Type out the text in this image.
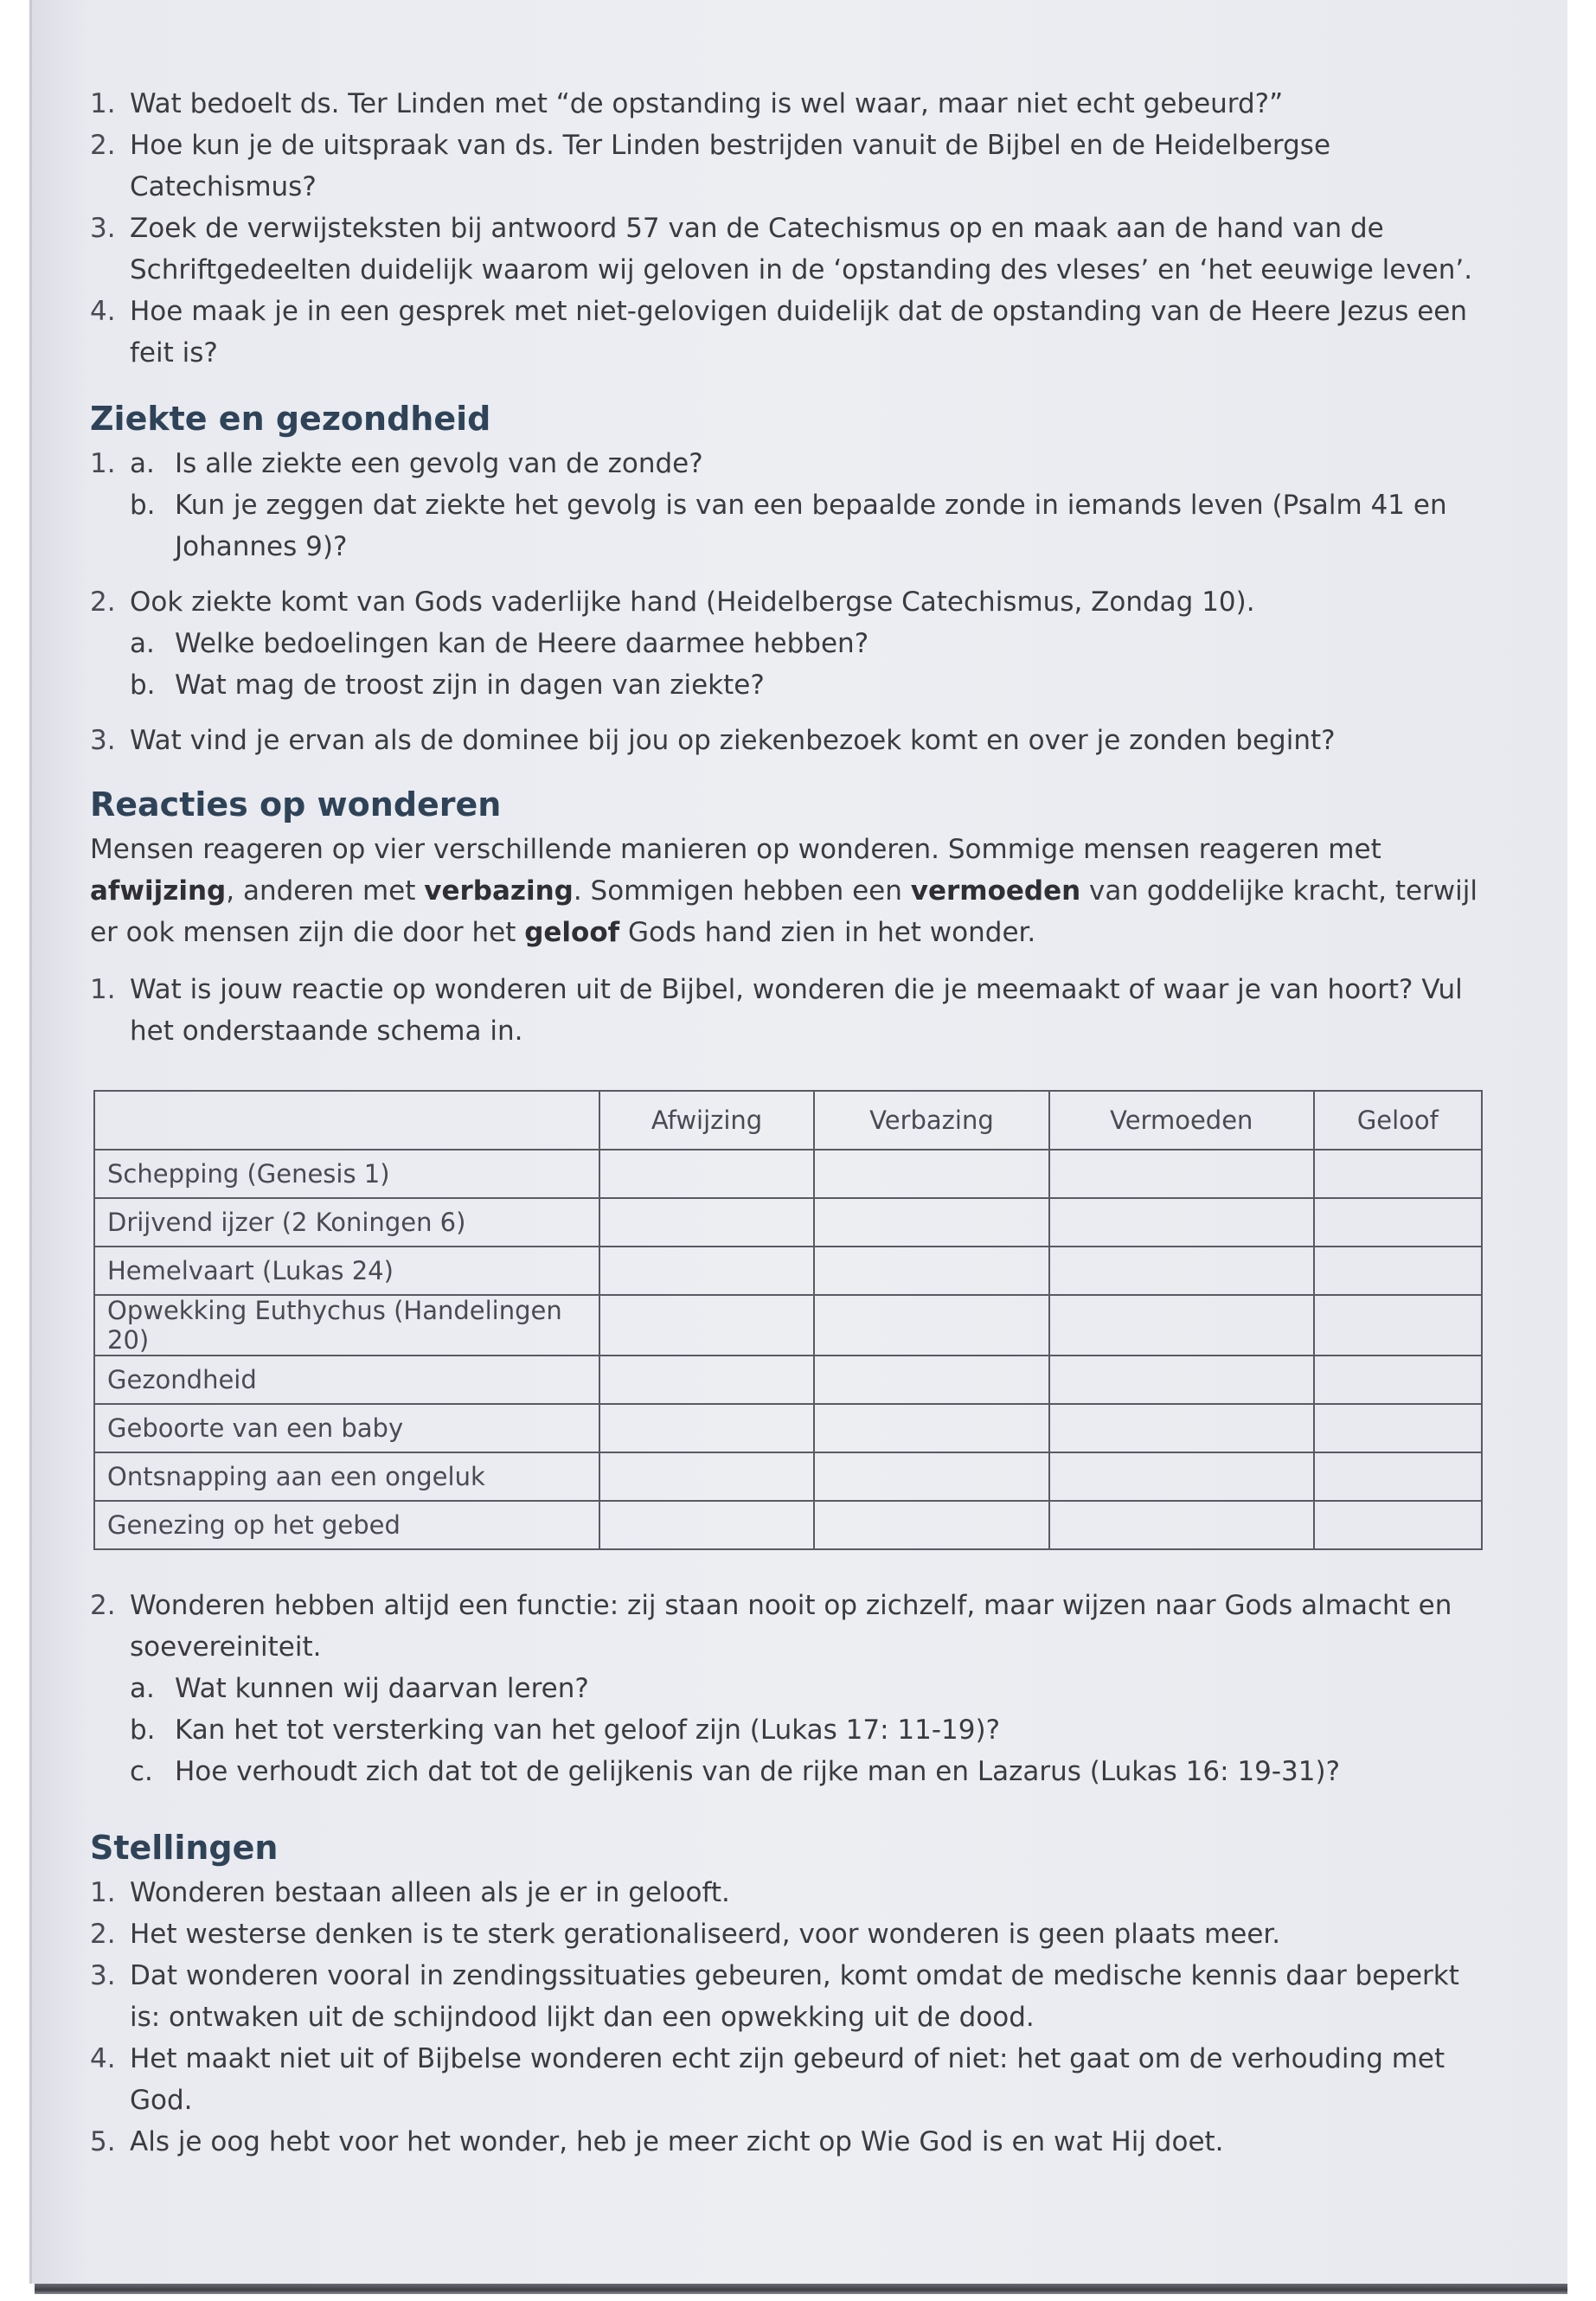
1. Wat bedoelt ds. Ter Linden met “de opstanding is wel waar, maar niet echt gebeurd?”
2. Hoe kun je de uitspraak van ds. Ter Linden bestrijden vanuit de Bijbel en de Heidelbergse Catechismus?
3. Zoek de verwijsteksten bij antwoord 57 van de Catechismus op en maak aan de hand van de Schriftgedeelten duidelijk waarom wij geloven in de ‘opstanding des vleses’ en ‘het eeuwige leven’.
4. Hoe maak je in een gesprek met niet-gelovigen duidelijk dat de opstanding van de Heere Jezus een feit is?
Ziekte en gezondheid
1. a. Is alle ziekte een gevolg van de zonde?
b. Kun je zeggen dat ziekte het gevolg is van een bepaalde zonde in iemands leven (Psalm 41 en Johannes 9)?
2. Ook ziekte komt van Gods vaderlijke hand (Heidelbergse Catechismus, Zondag 10).
a. Welke bedoelingen kan de Heere daarmee hebben?
b. Wat mag de troost zijn in dagen van ziekte?
3. Wat vind je ervan als de dominee bij jou op ziekenbezoek komt en over je zonden begint?
Reacties op wonderen

Mensen reageren op vier verschillende manieren op wonderen. Sommige mensen reageren met afwijzing, anderen met verbazing. Sommigen hebben een vermoeden van goddelijke kracht, terwijl er ook mensen zijn die door het geloof Gods hand zien in het wonder.

1. Wat is jouw reactie op wonderen uit de Bijbel, wonderen die je meemaakt of waar je van hoort? Vul het onderstaande schema in.
	Afwijzing	Verbazing	Vermoeden	Geloof
Schepping (Genesis 1)				
Drijvend ijzer (2 Koningen 6)				
Hemelvaart (Lukas 24)				
Opwekking Euthychus (Handelingen 20)				
Gezondheid				
Geboorte van een baby				
Ontsnapping aan een ongeluk				
Genezing op het gebed				
2. Wonderen hebben altijd een functie: zij staan nooit op zichzelf, maar wijzen naar Gods almacht en soevereiniteit.
a. Wat kunnen wij daarvan leren?
b. Kan het tot versterking van het geloof zijn (Lukas 17: 11-19)?
c. Hoe verhoudt zich dat tot de gelijkenis van de rijke man en Lazarus (Lukas 16: 19-31)?
Stellingen
1. Wonderen bestaan alleen als je er in gelooft.
2. Het westerse denken is te sterk gerationaliseerd, voor wonderen is geen plaats meer.
3. Dat wonderen vooral in zendingssituaties gebeuren, komt omdat de medische kennis daar beperkt is: ontwaken uit de schijndood lijkt dan een opwekking uit de dood.
4. Het maakt niet uit of Bijbelse wonderen echt zijn gebeurd of niet: het gaat om de verhouding met God.
5. Als je oog hebt voor het wonder, heb je meer zicht op Wie God is en wat Hij doet.
